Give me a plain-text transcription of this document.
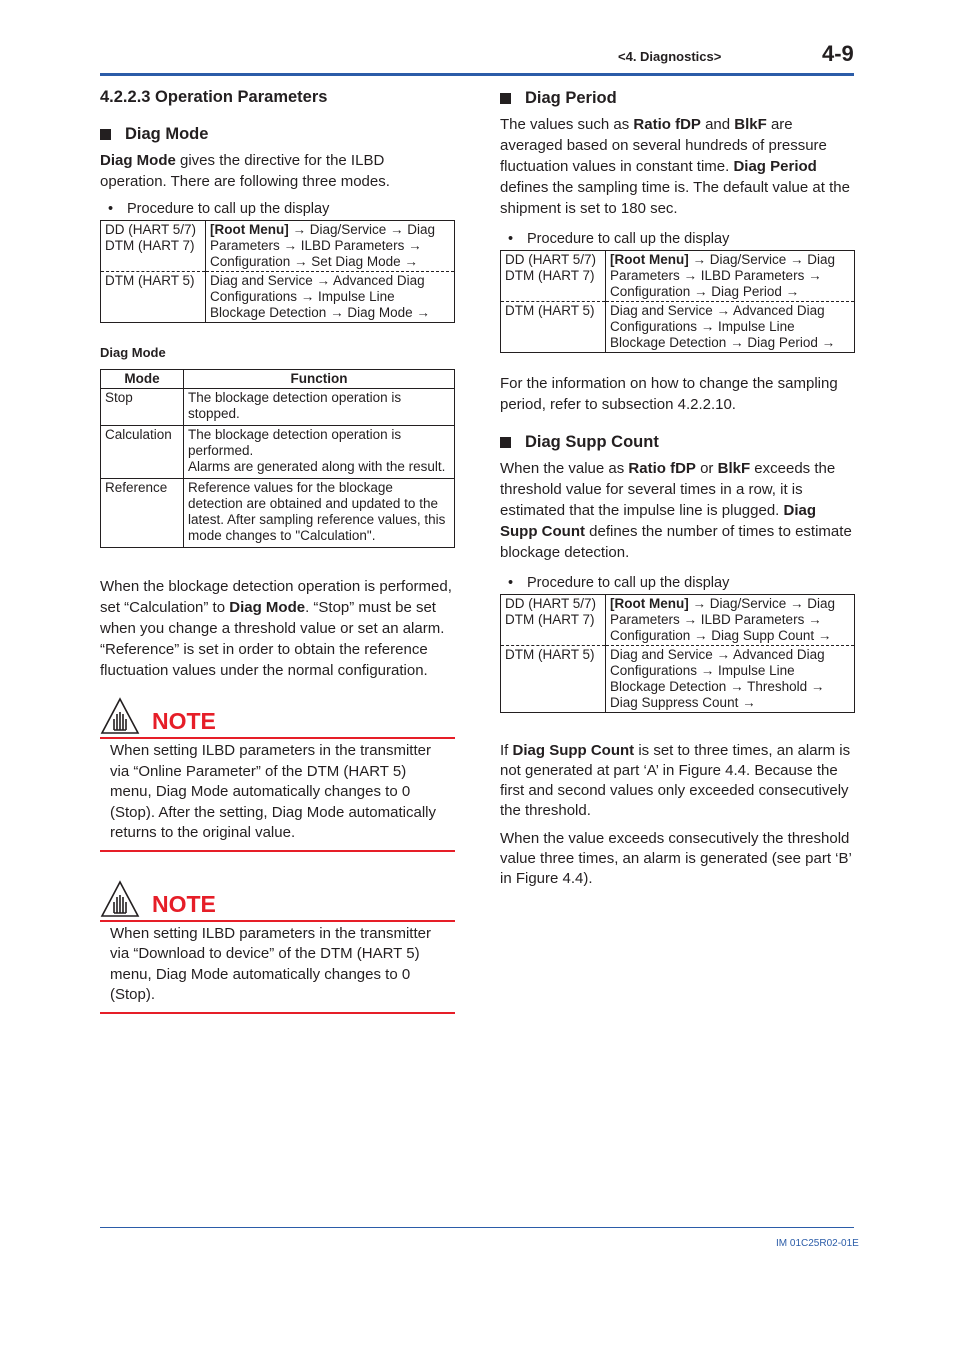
<4. Diagnostics>	4-9
4.2.2.3 Operation Parameters
Diag Mode

Diag Mode gives the directive for the ILBD operation. There are following three modes.

• Procedure to call up the display
DD (HART 5/7)
DTM (HART 7)	[Root Menu] → Diag/Service → Diag Parameters → ILBD Parameters → Configuration → Set Diag Mode →
DTM (HART 5)	Diag and Service → Advanced Diag Configurations → Impulse Line Blockage Detection → Diag Mode →
Diag Mode
Mode	Function
Stop	The blockage detection operation is stopped.
Calculation	The blockage detection operation is performed.
Alarms are generated along with the result.
Reference	Reference values for the blockage detection are obtained and updated to the latest. After sampling reference values, this mode changes to "Calculation".

When the blockage detection operation is performed, set “Calculation” to Diag Mode. “Stop” must be set when you change a threshold value or set an alarm. “Reference” is set in order to obtain the reference fluctuation values under the normal configuration.

NOTE
When setting ILBD parameters in the transmitter via “Online Parameter” of the DTM (HART 5) menu, Diag Mode automatically changes to 0 (Stop). After the setting, Diag Mode automatically returns to the original value.
NOTE
When setting ILBD parameters in the transmitter via “Download to device” of the DTM (HART 5) menu, Diag Mode automatically changes to 0 (Stop).
Diag Period

The values such as Ratio fDP and BlkF are averaged based on several hundreds of pressure fluctuation values in constant time. Diag Period defines the sampling time is. The default value at the shipment is set to 180 sec.

• Procedure to call up the display
DD (HART 5/7)
DTM (HART 7)	[Root Menu] → Diag/Service → Diag Parameters → ILBD Parameters → Configuration → Diag Period →
DTM (HART 5)	Diag and Service → Advanced Diag Configurations → Impulse Line Blockage Detection → Diag Period →

For the information on how to change the sampling period, refer to subsection 4.2.2.10.

Diag Supp Count

When the value as Ratio fDP or BlkF exceeds the threshold value for several times in a row, it is estimated that the impulse line is plugged. Diag Supp Count defines the number of times to estimate blockage detection.

• Procedure to call up the display
DD (HART 5/7)
DTM (HART 7)	[Root Menu] → Diag/Service → Diag Parameters → ILBD Parameters → Configuration → Diag Supp Count →
DTM (HART 5)	Diag and Service → Advanced Diag Configurations → Impulse Line Blockage Detection → Threshold → Diag Suppress Count →

If Diag Supp Count is set to three times, an alarm is not generated at part ‘A’ in Figure 4.4. Because the first and second values only exceeded consecutively the threshold.

When the value exceeds consecutively the threshold value three times, an alarm is generated (see part ‘B’ in Figure 4.4).

IM 01C25R02-01E
